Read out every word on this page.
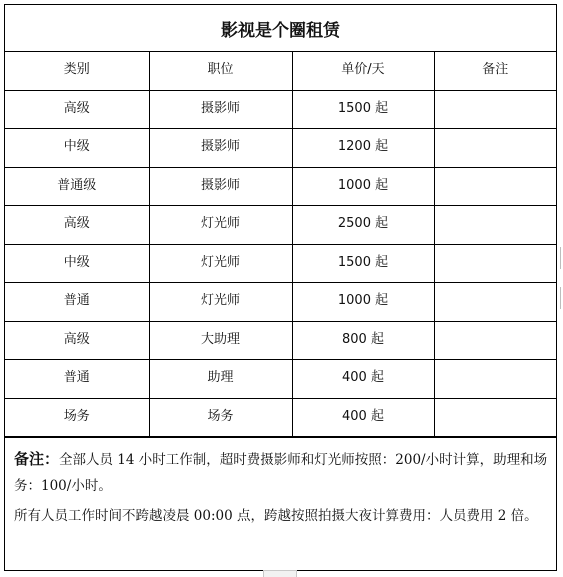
影视是个圈租赁
类别	职位	单价/天	备注
高级	摄影师	1500 起	
中级	摄影师	1200 起	
普通级	摄影师	1000 起	
高级	灯光师	2500 起	
中级	灯光师	1500 起	
普通	灯光师	1000 起	
高级	大助理	800 起	
普通	助理	400 起	
场务	场务	400 起	

备注：全部人员 14 小时工作制，超时费摄影师和灯光师按照：200/小时计算，助理和场务：100/小时。

所有人员工作时间不跨越凌晨 00:00 点，跨越按照拍摄大夜计算费用：人员费用 2 倍。
